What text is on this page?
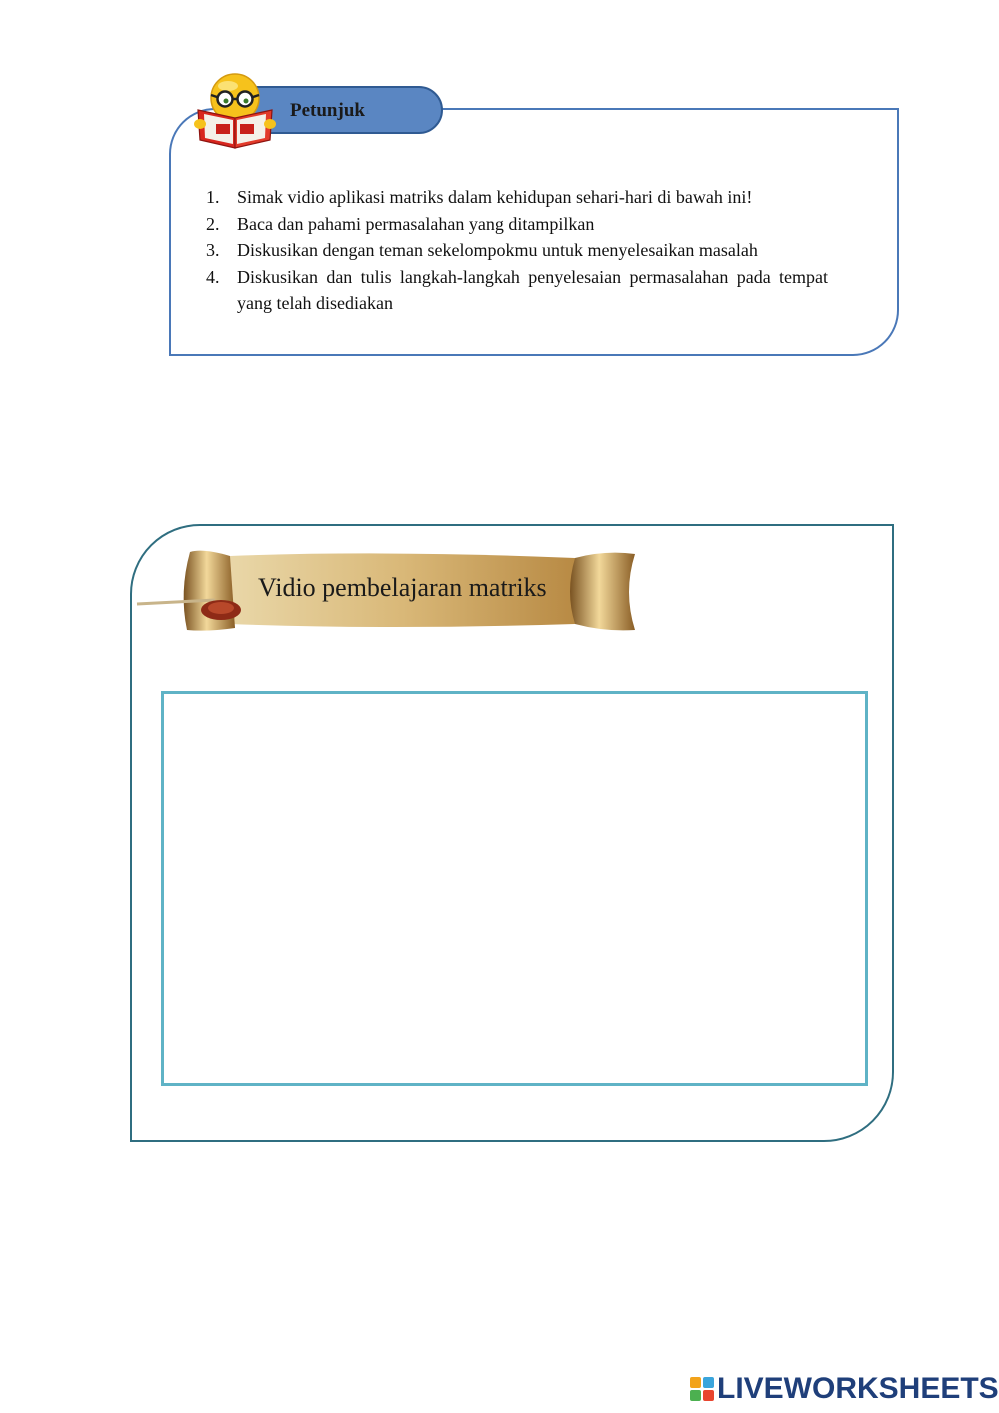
Petunjuk
1. Simak vidio aplikasi matriks dalam kehidupan sehari-hari di bawah ini!
2. Baca dan pahami permasalahan yang ditampilkan
3. Diskusikan dengan teman sekelompokmu untuk menyelesaikan masalah
4. Diskusikan dan tulis langkah-langkah penyelesaian permasalahan pada tempat yang telah disediakan
Vidio pembelajaran matriks
LIVEWORKSHEETS
